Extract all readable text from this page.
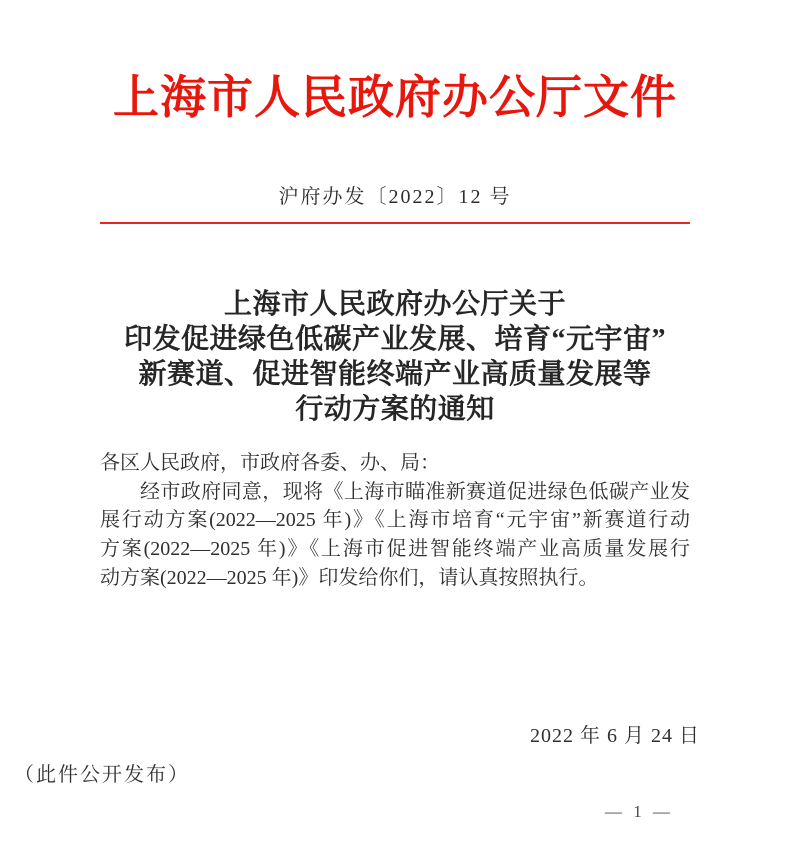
上海市人民政府办公厅文件
沪府办发〔2022〕12 号
上海市人民政府办公厅关于
印发促进绿色低碳产业发展、培育“元宇宙”
新赛道、促进智能终端产业高质量发展等
行动方案的通知
各区人民政府，市政府各委、办、局：
经市政府同意，现将《上海市瞄准新赛道促进绿色低碳产业发
展行动方案(2022—2025 年)》《上海市培育“元宇宙”新赛道行动
方案(2022—2025 年)》《上海市促进智能终端产业高质量发展行
动方案(2022—2025 年)》印发给你们，请认真按照执行。
2022 年 6 月 24 日
（此件公开发布）
— 1 —
